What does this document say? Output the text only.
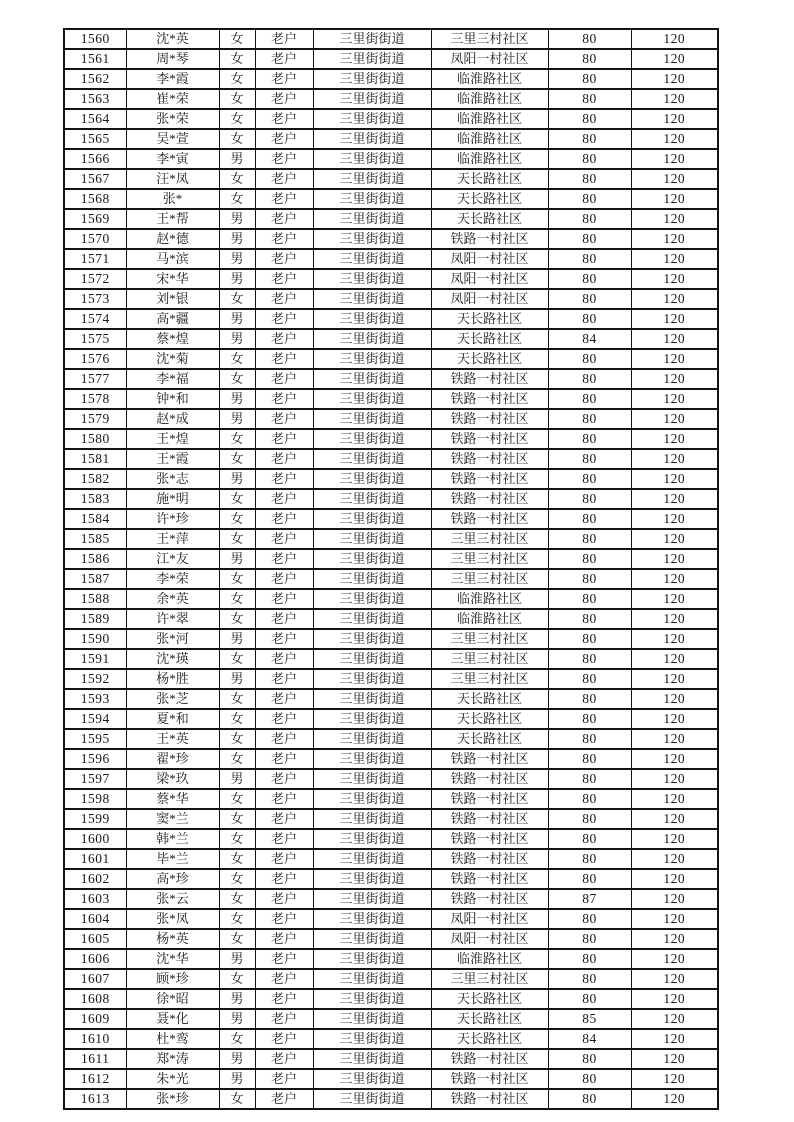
1560	沈*英	女	老户	三里街街道	三里三村社区	80	120
1561	周*琴	女	老户	三里街街道	凤阳一村社区	80	120
1562	李*霞	女	老户	三里街街道	临淮路社区	80	120
1563	崔*荣	女	老户	三里街街道	临淮路社区	80	120
1564	张*荣	女	老户	三里街街道	临淮路社区	80	120
1565	吴*萱	女	老户	三里街街道	临淮路社区	80	120
1566	李*寅	男	老户	三里街街道	临淮路社区	80	120
1567	汪*凤	女	老户	三里街街道	天长路社区	80	120
1568	张*	女	老户	三里街街道	天长路社区	80	120
1569	王*帮	男	老户	三里街街道	天长路社区	80	120
1570	赵*德	男	老户	三里街街道	铁路一村社区	80	120
1571	马*滨	男	老户	三里街街道	凤阳一村社区	80	120
1572	宋*华	男	老户	三里街街道	凤阳一村社区	80	120
1573	刘*银	女	老户	三里街街道	凤阳一村社区	80	120
1574	高*疆	男	老户	三里街街道	天长路社区	80	120
1575	蔡*煌	男	老户	三里街街道	天长路社区	84	120
1576	沈*菊	女	老户	三里街街道	天长路社区	80	120
1577	李*福	女	老户	三里街街道	铁路一村社区	80	120
1578	钟*和	男	老户	三里街街道	铁路一村社区	80	120
1579	赵*成	男	老户	三里街街道	铁路一村社区	80	120
1580	王*煌	女	老户	三里街街道	铁路一村社区	80	120
1581	王*霞	女	老户	三里街街道	铁路一村社区	80	120
1582	张*志	男	老户	三里街街道	铁路一村社区	80	120
1583	施*明	女	老户	三里街街道	铁路一村社区	80	120
1584	许*珍	女	老户	三里街街道	铁路一村社区	80	120
1585	王*萍	女	老户	三里街街道	三里三村社区	80	120
1586	江*友	男	老户	三里街街道	三里三村社区	80	120
1587	李*荣	女	老户	三里街街道	三里三村社区	80	120
1588	余*英	女	老户	三里街街道	临淮路社区	80	120
1589	许*翠	女	老户	三里街街道	临淮路社区	80	120
1590	张*河	男	老户	三里街街道	三里三村社区	80	120
1591	沈*瑛	女	老户	三里街街道	三里三村社区	80	120
1592	杨*胜	男	老户	三里街街道	三里三村社区	80	120
1593	张*芝	女	老户	三里街街道	天长路社区	80	120
1594	夏*和	女	老户	三里街街道	天长路社区	80	120
1595	王*英	女	老户	三里街街道	天长路社区	80	120
1596	翟*珍	女	老户	三里街街道	铁路一村社区	80	120
1597	梁*玖	男	老户	三里街街道	铁路一村社区	80	120
1598	蔡*华	女	老户	三里街街道	铁路一村社区	80	120
1599	窦*兰	女	老户	三里街街道	铁路一村社区	80	120
1600	韩*兰	女	老户	三里街街道	铁路一村社区	80	120
1601	毕*兰	女	老户	三里街街道	铁路一村社区	80	120
1602	高*珍	女	老户	三里街街道	铁路一村社区	80	120
1603	张*云	女	老户	三里街街道	铁路一村社区	87	120
1604	张*凤	女	老户	三里街街道	凤阳一村社区	80	120
1605	杨*英	女	老户	三里街街道	凤阳一村社区	80	120
1606	沈*华	男	老户	三里街街道	临淮路社区	80	120
1607	顾*珍	女	老户	三里街街道	三里三村社区	80	120
1608	徐*昭	男	老户	三里街街道	天长路社区	80	120
1609	聂*化	男	老户	三里街街道	天长路社区	85	120
1610	杜*鸾	女	老户	三里街街道	天长路社区	84	120
1611	郑*涛	男	老户	三里街街道	铁路一村社区	80	120
1612	朱*光	男	老户	三里街街道	铁路一村社区	80	120
1613	张*珍	女	老户	三里街街道	铁路一村社区	80	120
